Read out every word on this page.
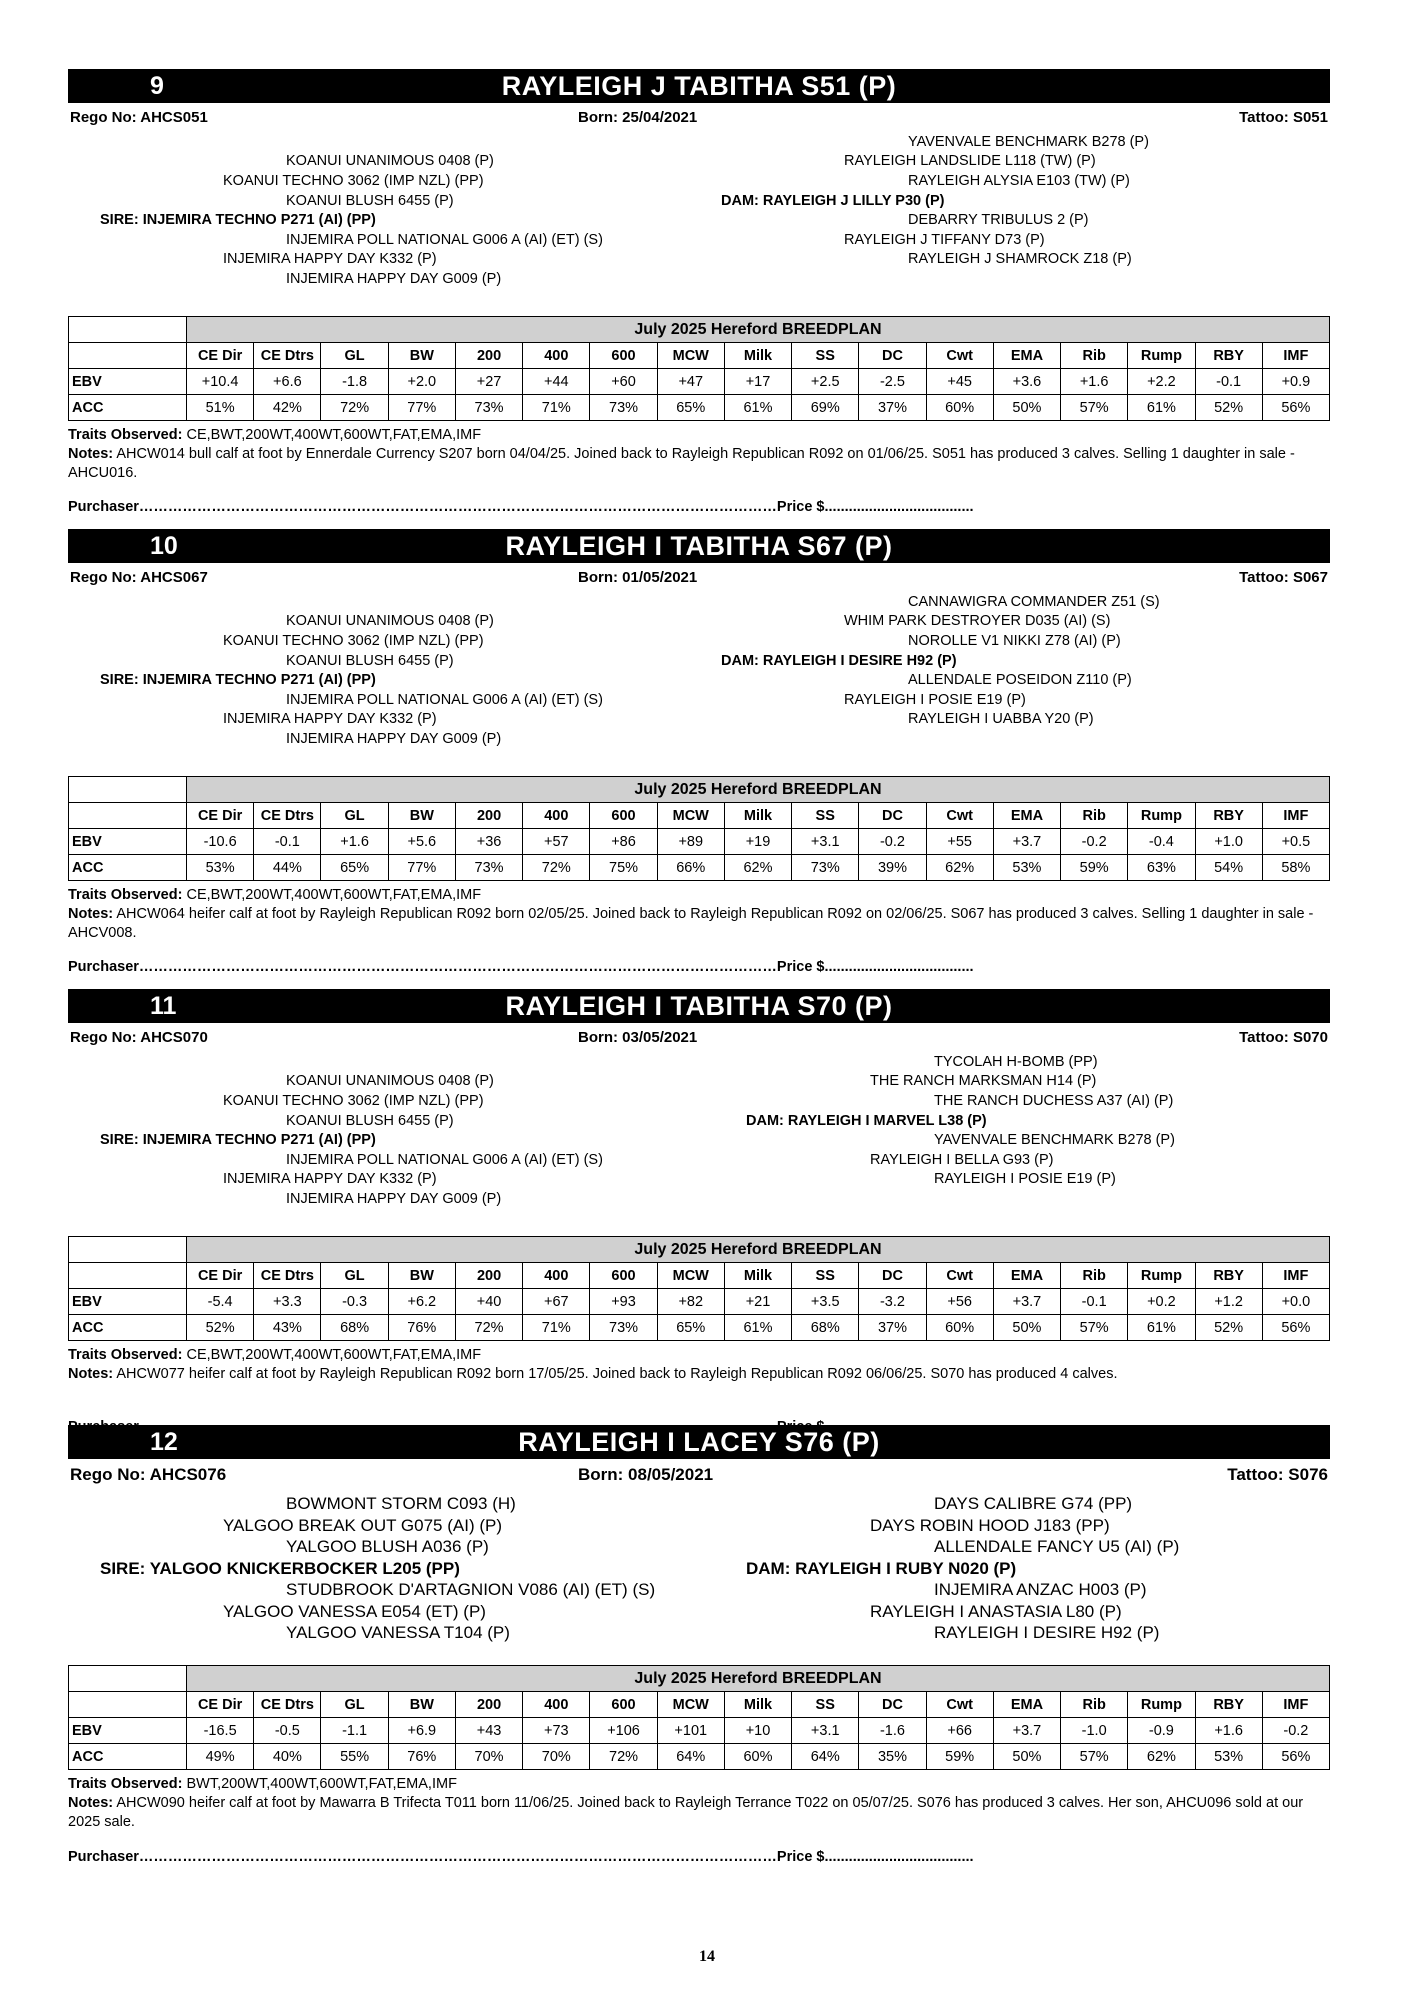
9	RAYLEIGH J TABITHA S51 (P)
Rego No: AHCS051	Born: 25/04/2021	Tattoo: S051
KOANUI UNANIMOUS 0408 (P)
KOANUI TECHNO 3062 (IMP NZL) (PP)
KOANUI BLUSH 6455 (P)
SIRE: INJEMIRA TECHNO P271 (AI) (PP)
INJEMIRA POLL NATIONAL G006 A (AI) (ET) (S)
INJEMIRA HAPPY DAY K332 (P)
INJEMIRA HAPPY DAY G009 (P)
YAVENVALE BENCHMARK B278 (P)
RAYLEIGH LANDSLIDE L118 (TW) (P)
RAYLEIGH ALYSIA E103 (TW) (P)
DAM: RAYLEIGH J LILLY P30 (P)
DEBARRY TRIBULUS 2 (P)
RAYLEIGH J TIFFANY D73 (P)
RAYLEIGH J SHAMROCK Z18 (P)
	July 2025 Hereford BREEDPLAN																
	CE Dir	CE Dtrs	GL	BW	200	400	600	MCW	Milk	SS	DC	Cwt	EMA	Rib	Rump	RBY	IMF
EBV	+10.4	+6.6	-1.8	+2.0	+27	+44	+60	+47	+17	+2.5	-2.5	+45	+3.6	+1.6	+2.2	-0.1	+0.9
ACC	51%	42%	72%	77%	73%	71%	73%	65%	61%	69%	37%	60%	50%	57%	61%	52%	56%
Traits Observed: CE,BWT,200WT,400WT,600WT,FAT,EMA,IMF
Notes: AHCW014 bull calf at foot by Ennerdale Currency S207 born 04/04/25. Joined back to Rayleigh Republican R092 on 01/06/25. S051 has produced 3 calves. Selling 1 daughter in sale - AHCU016.
Purchaser……………………………………………………………………………………………………………………Price $.....................................
10	RAYLEIGH I TABITHA S67 (P)
Rego No: AHCS067	Born: 01/05/2021	Tattoo: S067
KOANUI UNANIMOUS 0408 (P)
KOANUI TECHNO 3062 (IMP NZL) (PP)
KOANUI BLUSH 6455 (P)
SIRE: INJEMIRA TECHNO P271 (AI) (PP)
INJEMIRA POLL NATIONAL G006 A (AI) (ET) (S)
INJEMIRA HAPPY DAY K332 (P)
INJEMIRA HAPPY DAY G009 (P)
CANNAWIGRA COMMANDER Z51 (S)
WHIM PARK DESTROYER D035 (AI) (S)
NOROLLE V1 NIKKI Z78 (AI) (P)
DAM: RAYLEIGH I DESIRE H92 (P)
ALLENDALE POSEIDON Z110 (P)
RAYLEIGH I POSIE E19 (P)
RAYLEIGH I UABBA Y20 (P)
	July 2025 Hereford BREEDPLAN																
	CE Dir	CE Dtrs	GL	BW	200	400	600	MCW	Milk	SS	DC	Cwt	EMA	Rib	Rump	RBY	IMF
EBV	-10.6	-0.1	+1.6	+5.6	+36	+57	+86	+89	+19	+3.1	-0.2	+55	+3.7	-0.2	-0.4	+1.0	+0.5
ACC	53%	44%	65%	77%	73%	72%	75%	66%	62%	73%	39%	62%	53%	59%	63%	54%	58%
Traits Observed: CE,BWT,200WT,400WT,600WT,FAT,EMA,IMF
Notes: AHCW064 heifer calf at foot by Rayleigh Republican R092 born 02/05/25. Joined back to Rayleigh Republican R092 on 02/06/25. S067 has produced 3 calves. Selling 1 daughter in sale - AHCV008.
Purchaser……………………………………………………………………………………………………………………Price $.....................................
11	RAYLEIGH I TABITHA S70 (P)
Rego No: AHCS070	Born: 03/05/2021	Tattoo: S070
KOANUI UNANIMOUS 0408 (P)
KOANUI TECHNO 3062 (IMP NZL) (PP)
KOANUI BLUSH 6455 (P)
SIRE: INJEMIRA TECHNO P271 (AI) (PP)
INJEMIRA POLL NATIONAL G006 A (AI) (ET) (S)
INJEMIRA HAPPY DAY K332 (P)
INJEMIRA HAPPY DAY G009 (P)
TYCOLAH H-BOMB (PP)
THE RANCH MARKSMAN H14 (P)
THE RANCH DUCHESS A37 (AI) (P)
DAM: RAYLEIGH I MARVEL L38 (P)
YAVENVALE BENCHMARK B278 (P)
RAYLEIGH I BELLA G93 (P)
RAYLEIGH I POSIE E19 (P)
	July 2025 Hereford BREEDPLAN																
	CE Dir	CE Dtrs	GL	BW	200	400	600	MCW	Milk	SS	DC	Cwt	EMA	Rib	Rump	RBY	IMF
EBV	-5.4	+3.3	-0.3	+6.2	+40	+67	+93	+82	+21	+3.5	-3.2	+56	+3.7	-0.1	+0.2	+1.2	+0.0
ACC	52%	43%	68%	76%	72%	71%	73%	65%	61%	68%	37%	60%	50%	57%	61%	52%	56%
Traits Observed: CE,BWT,200WT,400WT,600WT,FAT,EMA,IMF
Notes: AHCW077 heifer calf at foot by Rayleigh Republican R092 born 17/05/25. Joined back to Rayleigh Republican R092 06/06/25. S070 has produced 4 calves.
12	RAYLEIGH I LACEY S76 (P)
Rego No: AHCS076	Born: 08/05/2021	Tattoo: S076
BOWMONT STORM C093 (H)
YALGOO BREAK OUT G075 (AI) (P)
YALGOO BLUSH A036 (P)
SIRE: YALGOO KNICKERBOCKER L205 (PP)
STUDBROOK D'ARTAGNION V086 (AI) (ET) (S)
YALGOO VANESSA E054 (ET) (P)
YALGOO VANESSA T104 (P)
DAYS CALIBRE G74 (PP)
DAYS ROBIN HOOD J183 (PP)
ALLENDALE FANCY U5 (AI) (P)
DAM: RAYLEIGH I RUBY N020 (P)
INJEMIRA ANZAC H003 (P)
RAYLEIGH I ANASTASIA L80 (P)
RAYLEIGH I DESIRE H92 (P)
	July 2025 Hereford BREEDPLAN																
	CE Dir	CE Dtrs	GL	BW	200	400	600	MCW	Milk	SS	DC	Cwt	EMA	Rib	Rump	RBY	IMF
EBV	-16.5	-0.5	-1.1	+6.9	+43	+73	+106	+101	+10	+3.1	-1.6	+66	+3.7	-1.0	-0.9	+1.6	-0.2
ACC	49%	40%	55%	76%	70%	70%	72%	64%	60%	64%	35%	59%	50%	57%	62%	53%	56%
Traits Observed: BWT,200WT,400WT,600WT,FAT,EMA,IMF
Notes: AHCW090 heifer calf at foot by Mawarra B Trifecta T011 born 11/06/25. Joined back to Rayleigh Terrance T022 on 05/07/25. S076 has produced 3 calves. Her son, AHCU096 sold at our 2025 sale.
Purchaser……………………………………………………………………………………………………………………Price $.....................................
14
